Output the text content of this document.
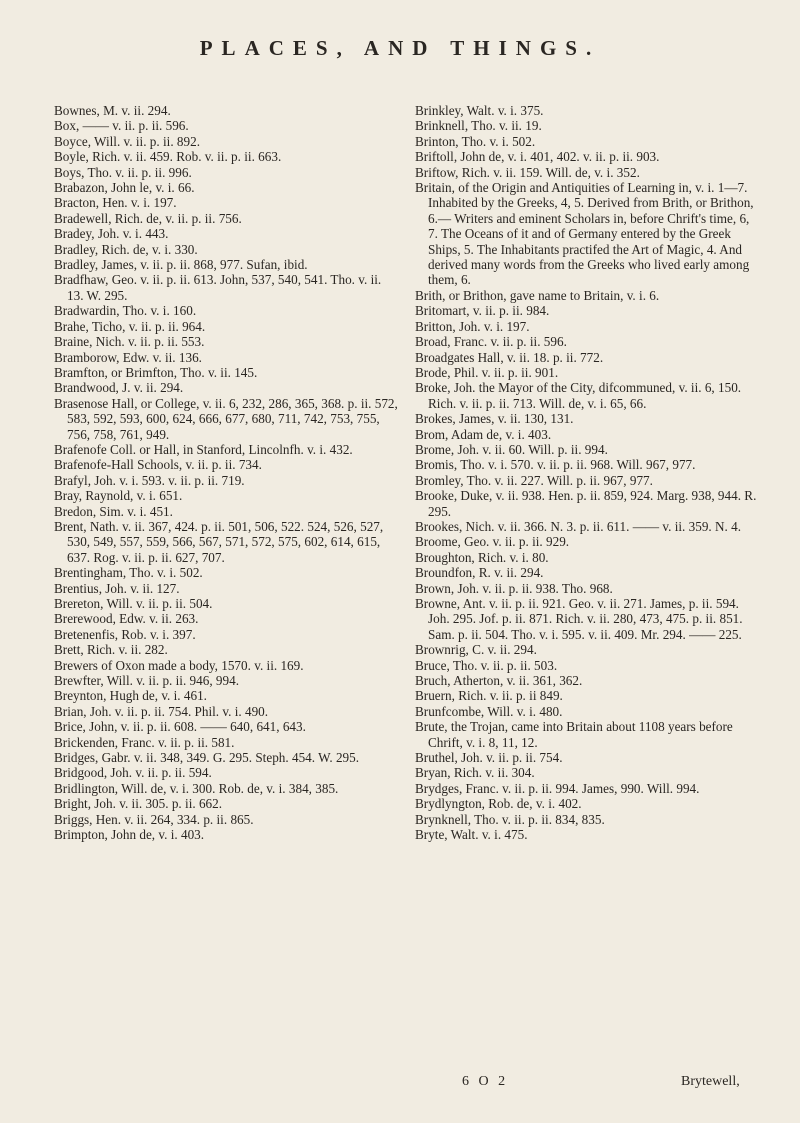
PLACES, AND THINGS.

Bownes, M. v. ii. 294.

Box, —— v. ii. p. ii. 596.

Boyce, Will. v. ii. p. ii. 892.

Boyle, Rich. v. ii. 459. Rob. v. ii. p. ii. 663.

Boys, Tho. v. ii. p. ii. 996.

Brabazon, John le, v. i. 66.

Bracton, Hen. v. i. 197.

Bradewell, Rich. de, v. ii. p. ii. 756.

Bradey, Joh. v. i. 443.

Bradley, Rich. de, v. i. 330.

Bradley, James, v. ii. p. ii. 868, 977. Sufan, ibid.

Bradfhaw, Geo. v. ii. p. ii. 613. John, 537, 540, 541. Tho. v. ii. 13. W. 295.

Bradwardin, Tho. v. i. 160.

Brahe, Ticho, v. ii. p. ii. 964.

Braine, Nich. v. ii. p. ii. 553.

Bramborow, Edw. v. ii. 136.

Bramfton, or Brimfton, Tho. v. ii. 145.

Brandwood, J. v. ii. 294.

Brasenose Hall, or College, v. ii. 6, 232, 286, 365, 368. p. ii. 572, 583, 592, 593, 600, 624, 666, 677, 680, 711, 742, 753, 755, 756, 758, 761, 949.

Brafenofe Coll. or Hall, in Stanford, Lincolnfh. v. i. 432.

Brafenofe-Hall Schools, v. ii. p. ii. 734.

Brafyl, Joh. v. i. 593. v. ii. p. ii. 719.

Bray, Raynold, v. i. 651.

Bredon, Sim. v. i. 451.

Brent, Nath. v. ii. 367, 424. p. ii. 501, 506, 522. 524, 526, 527, 530, 549, 557, 559, 566, 567, 571, 572, 575, 602, 614, 615, 637. Rog. v. ii. p. ii. 627, 707.

Brentingham, Tho. v. i. 502.

Brentius, Joh. v. ii. 127.

Brereton, Will. v. ii. p. ii. 504.

Brerewood, Edw. v. ii. 263.

Bretenenfis, Rob. v. i. 397.

Brett, Rich. v. ii. 282.

Brewers of Oxon made a body, 1570. v. ii. 169.

Brewfter, Will. v. ii. p. ii. 946, 994.

Breynton, Hugh de, v. i. 461.

Brian, Joh. v. ii. p. ii. 754. Phil. v. i. 490.

Brice, John, v. ii. p. ii. 608. —— 640, 641, 643.

Brickenden, Franc. v. ii. p. ii. 581.

Bridges, Gabr. v. ii. 348, 349. G. 295. Steph. 454. W. 295.

Bridgood, Joh. v. ii. p. ii. 594.

Bridlington, Will. de, v. i. 300. Rob. de, v. i. 384, 385.

Bright, Joh. v. ii. 305. p. ii. 662.

Briggs, Hen. v. ii. 264, 334. p. ii. 865.

Brimpton, John de, v. i. 403.

Brinkley, Walt. v. i. 375.

Brinknell, Tho. v. ii. 19.

Brinton, Tho. v. i. 502.

Briftoll, John de, v. i. 401, 402. v. ii. p. ii. 903.

Briftow, Rich. v. ii. 159. Will. de, v. i. 352.

Britain, of the Origin and Antiquities of Learning in, v. i. 1—7. Inhabited by the Greeks, 4, 5. Derived from Brith, or Brithon, 6.— Writers and eminent Scholars in, before Chrift's time, 6, 7. The Oceans of it and of Germany entered by the Greek Ships, 5. The Inhabitants practifed the Art of Magic, 4. And derived many words from the Greeks who lived early among them, 6.

Brith, or Brithon, gave name to Britain, v. i. 6.

Britomart, v. ii. p. ii. 984.

Britton, Joh. v. i. 197.

Broad, Franc. v. ii. p. ii. 596.

Broadgates Hall, v. ii. 18. p. ii. 772.

Brode, Phil. v. ii. p. ii. 901.

Broke, Joh. the Mayor of the City, difcommuned, v. ii. 6, 150. Rich. v. ii. p. ii. 713. Will. de, v. i. 65, 66.

Brokes, James, v. ii. 130, 131.

Brom, Adam de, v. i. 403.

Brome, Joh. v. ii. 60. Will. p. ii. 994.

Bromis, Tho. v. i. 570. v. ii. p. ii. 968. Will. 967, 977.

Bromley, Tho. v. ii. 227. Will. p. ii. 967, 977.

Brooke, Duke, v. ii. 938. Hen. p. ii. 859, 924. Marg. 938, 944. R. 295.

Brookes, Nich. v. ii. 366. N. 3. p. ii. 611. —— v. ii. 359. N. 4.

Broome, Geo. v. ii. p. ii. 929.

Broughton, Rich. v. i. 80.

Broundfon, R. v. ii. 294.

Brown, Joh. v. ii. p. ii. 938. Tho. 968.

Browne, Ant. v. ii. p. ii. 921. Geo. v. ii. 271. James, p. ii. 594. Joh. 295. Jof. p. ii. 871. Rich. v. ii. 280, 473, 475. p. ii. 851. Sam. p. ii. 504. Tho. v. i. 595. v. ii. 409. Mr. 294. —— 225.

Brownrig, C. v. ii. 294.

Bruce, Tho. v. ii. p. ii. 503.

Bruch, Atherton, v. ii. 361, 362.

Bruern, Rich. v. ii. p. ii 849.

Brunfcombe, Will. v. i. 480.

Brute, the Trojan, came into Britain about 1108 years before Chrift, v. i. 8, 11, 12.

Bruthel, Joh. v. ii. p. ii. 754.

Bryan, Rich. v. ii. 304.

Brydges, Franc. v. ii. p. ii. 994. James, 990. Will. 994.

Brydlyngton, Rob. de, v. i. 402.

Brynknell, Tho. v. ii. p. ii. 834, 835.

Bryte, Walt. v. i. 475.

6 O 2	Brytewell,
